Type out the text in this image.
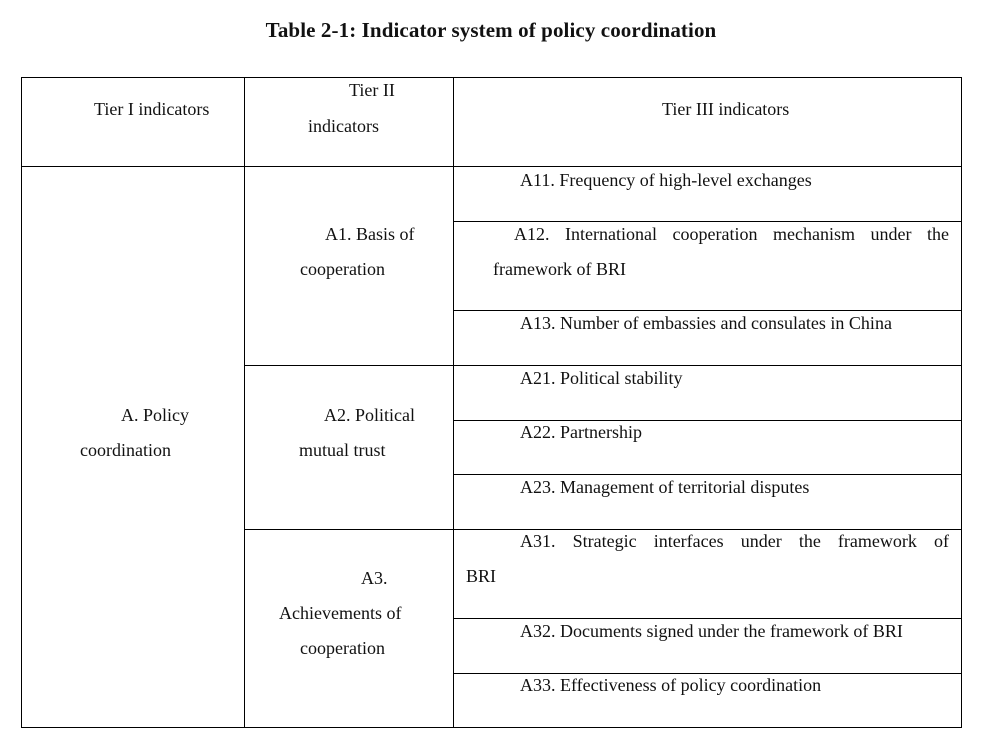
Table 2-1: Indicator system of policy coordination
Tier I indicators
Tier II
indicators
Tier III indicators
A. Policy
coordination
A1. Basis of
cooperation
A2. Political
mutual trust
A3.
Achievements of
cooperation
A11. Frequency of high-level exchanges
A12. International cooperation mechanism under the
framework of BRI
A13. Number of embassies and consulates in China
A21. Political stability
A22. Partnership
A23. Management of territorial disputes
A31. Strategic interfaces under the framework of
BRI
A32. Documents signed under the framework of BRI
A33. Effectiveness of policy coordination
